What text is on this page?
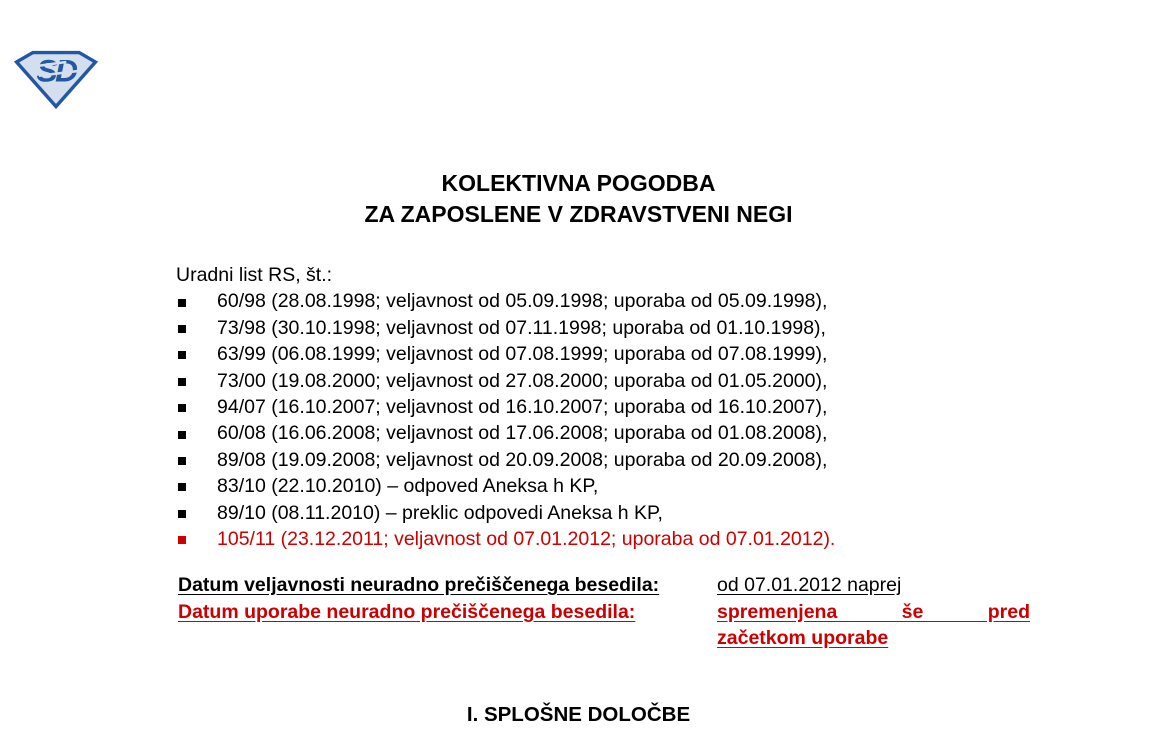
SD
KOLEKTIVNA POGODBA
ZA ZAPOSLENE V ZDRAVSTVENI NEGI
Uradni list RS, št.:
60/98 (28.08.1998; veljavnost od 05.09.1998; uporaba od 05.09.1998),
73/98 (30.10.1998; veljavnost od 07.11.1998; uporaba od 01.10.1998),
63/99 (06.08.1999; veljavnost od 07.08.1999; uporaba od 07.08.1999),
73/00 (19.08.2000; veljavnost od 27.08.2000; uporaba od 01.05.2000),
94/07 (16.10.2007; veljavnost od 16.10.2007; uporaba od 16.10.2007),
60/08 (16.06.2008; veljavnost od 17.06.2008; uporaba od 01.08.2008),
89/08 (19.09.2008; veljavnost od 20.09.2008; uporaba od 20.09.2008),
83/10 (22.10.2010) – odpoved Aneksa h KP,
89/10 (08.11.2010) – preklic odpovedi Aneksa h KP,
105/11 (23.12.2011; veljavnost od 07.01.2012; uporaba od 07.01.2012).
Datum veljavnosti neuradno prečiščenega besedila:	od 07.01.2012 naprej
Datum uporabe neuradno prečiščenega besedila:	spremenjena še pred
začetkom uporabe
I. SPLOŠNE DOLOČBE
